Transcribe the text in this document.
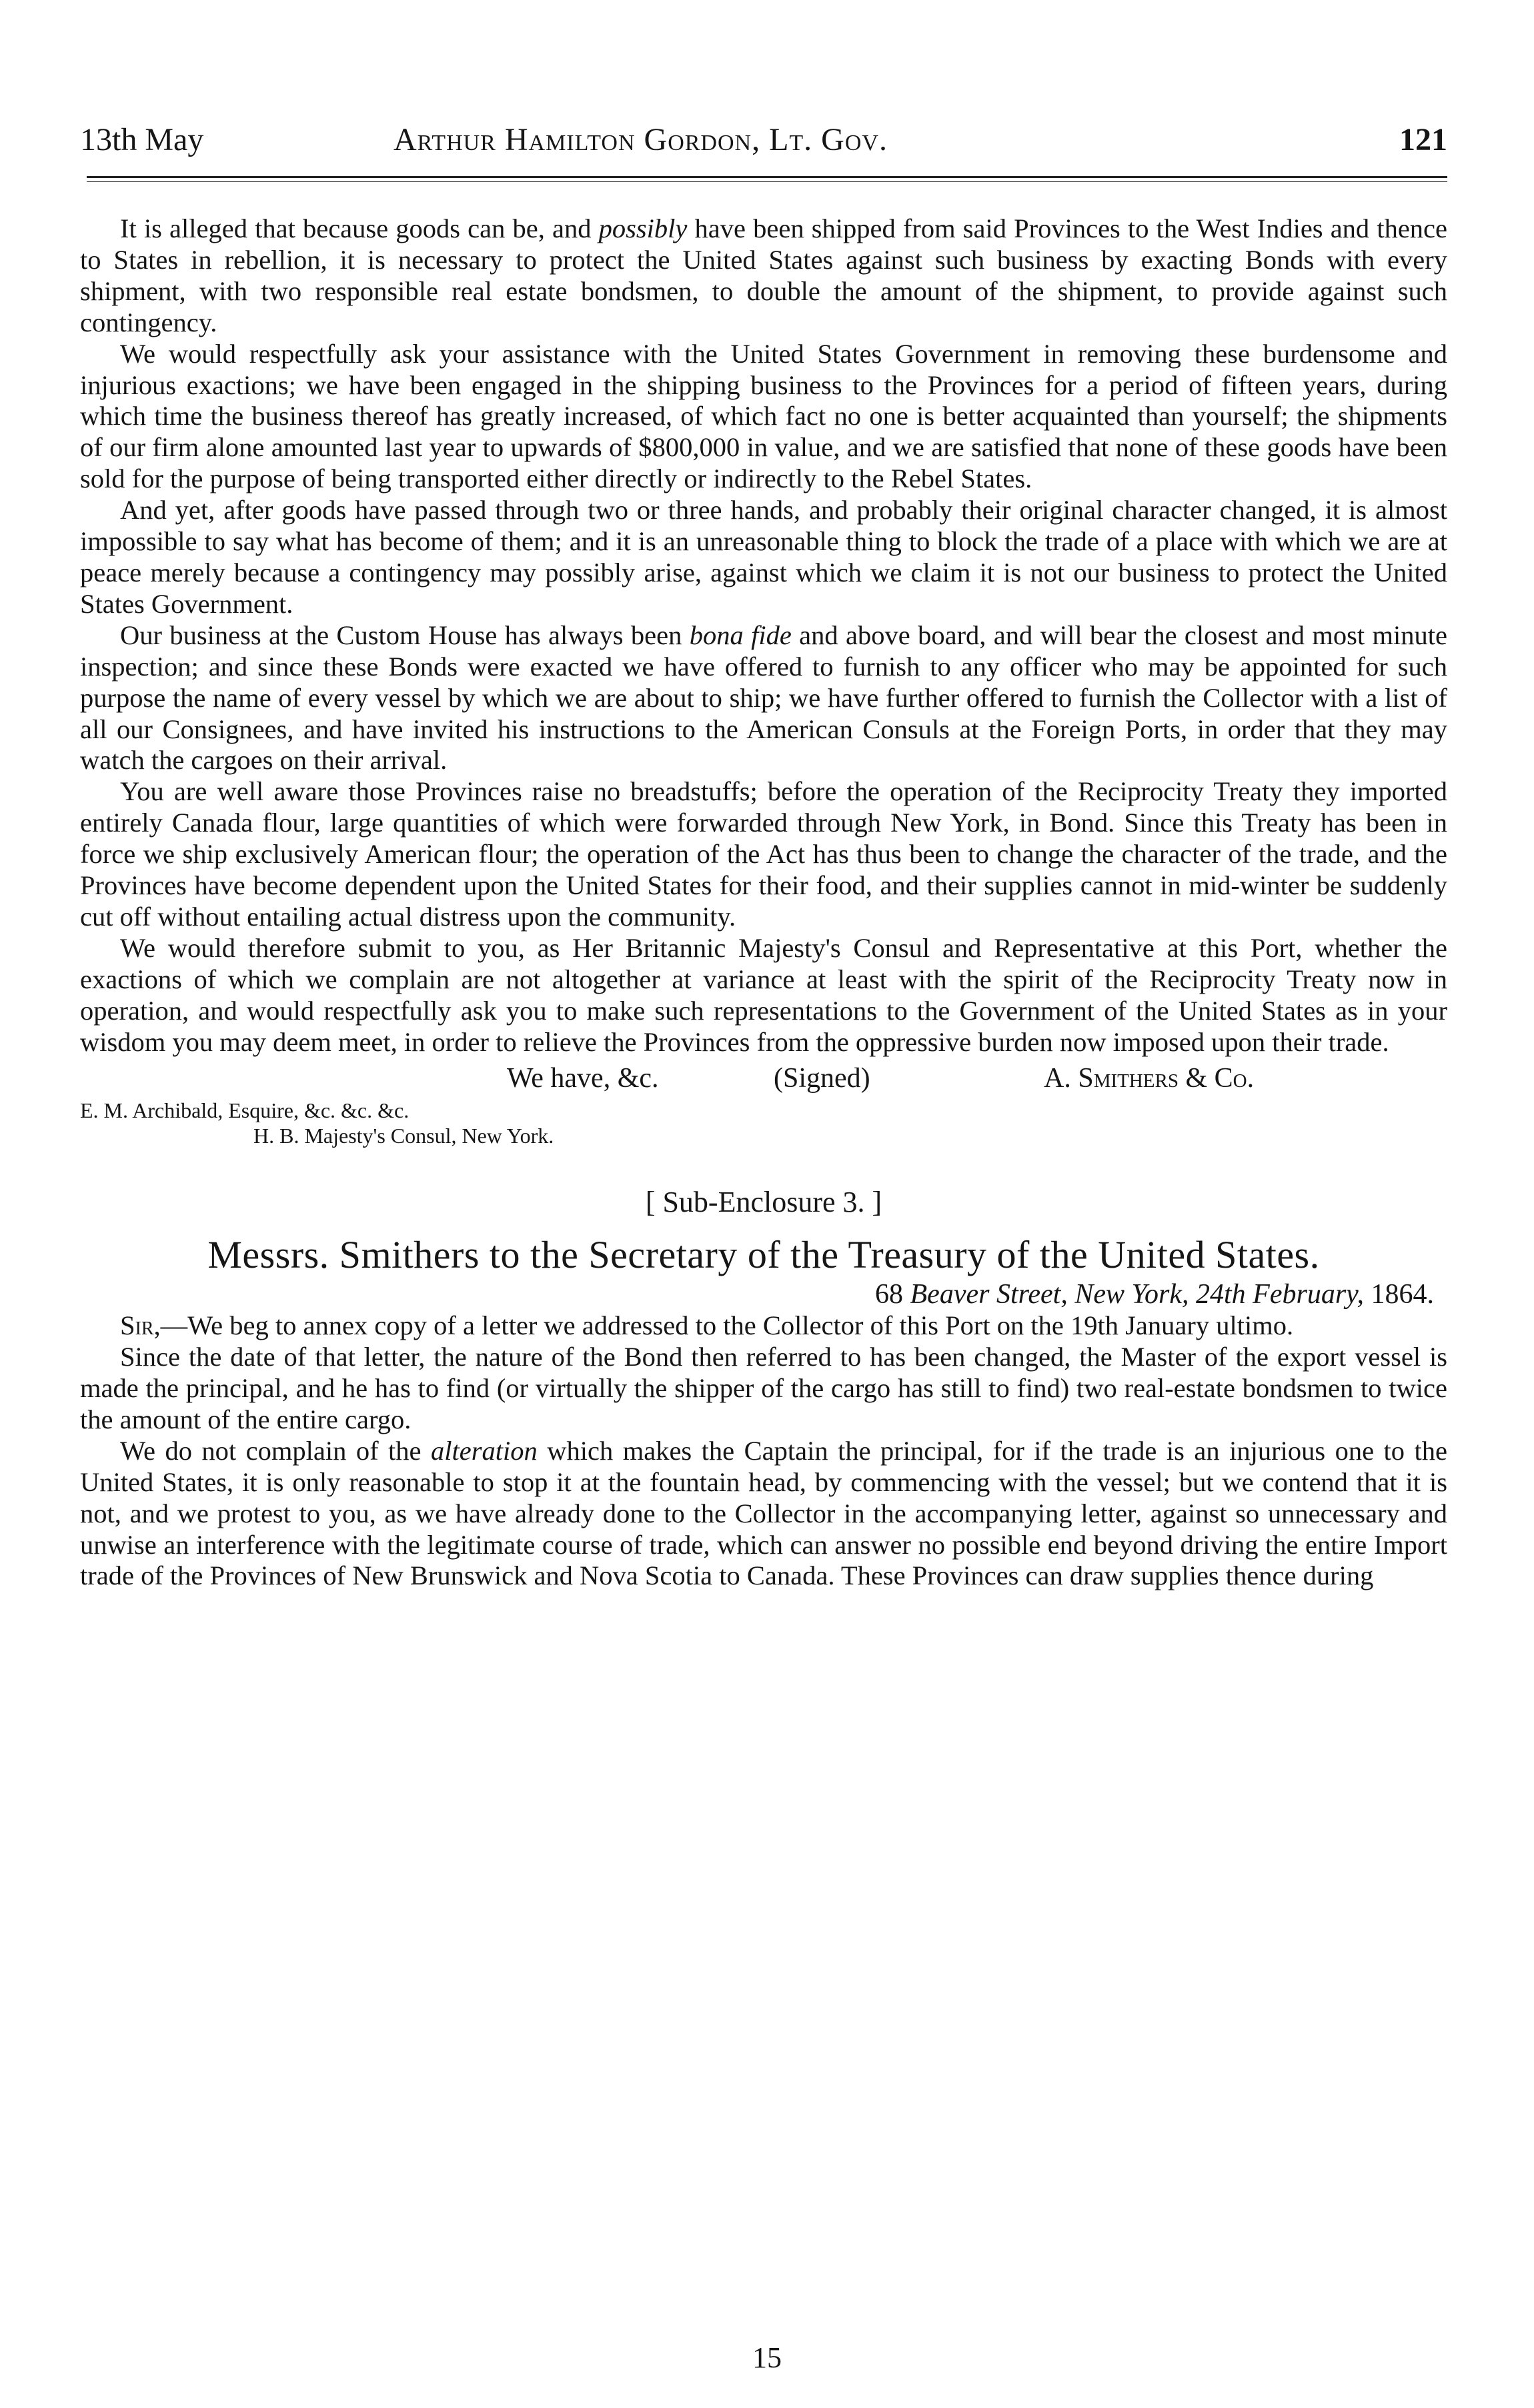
13th May	Arthur Hamilton Gordon, Lt. Gov.	121

It is alleged that because goods can be, and possibly have been shipped from said Provinces to the West Indies and thence to States in rebellion, it is necessary to protect the United States against such business by exacting Bonds with every shipment, with two responsible real estate bondsmen, to double the amount of the shipment, to provide against such contingency.

We would respectfully ask your assistance with the United States Government in removing these burdensome and injurious exactions; we have been engaged in the shipping business to the Provinces for a period of fifteen years, during which time the business thereof has greatly increased, of which fact no one is better acquainted than yourself; the shipments of our firm alone amounted last year to upwards of $800,000 in value, and we are satisfied that none of these goods have been sold for the purpose of being transported either directly or indirectly to the Rebel States.

And yet, after goods have passed through two or three hands, and probably their original character changed, it is almost impossible to say what has become of them; and it is an unreasonable thing to block the trade of a place with which we are at peace merely because a contingency may possibly arise, against which we claim it is not our business to protect the United States Government.

Our business at the Custom House has always been bona fide and above board, and will bear the closest and most minute inspection; and since these Bonds were exacted we have offered to furnish to any officer who may be appointed for such purpose the name of every vessel by which we are about to ship; we have further offered to furnish the Collector with a list of all our Consignees, and have invited his instructions to the American Consuls at the Foreign Ports, in order that they may watch the cargoes on their arrival.

You are well aware those Provinces raise no breadstuffs; before the operation of the Reciprocity Treaty they imported entirely Canada flour, large quantities of which were forwarded through New York, in Bond. Since this Treaty has been in force we ship exclusively American flour; the operation of the Act has thus been to change the character of the trade, and the Provinces have become dependent upon the United States for their food, and their supplies cannot in mid-winter be suddenly cut off without entailing actual distress upon the community.

We would therefore submit to you, as Her Britannic Majesty's Consul and Representative at this Port, whether the exactions of which we complain are not altogether at variance at least with the spirit of the Reciprocity Treaty now in operation, and would respectfully ask you to make such representations to the Government of the United States as in your wisdom you may deem meet, in order to relieve the Provinces from the oppressive burden now imposed upon their trade.

We have, &c.	(Signed)	A. Smithers & Co.
E. M. Archibald, Esquire, &c. &c. &c.
H. B. Majesty's Consul, New York.
[ Sub-Enclosure 3. ]
Messrs. Smithers to the Secretary of the Treasury of the United States.
68 Beaver Street, New York, 24th February, 1864.

Sir,—We beg to annex copy of a letter we addressed to the Collector of this Port on the 19th January ultimo.

Since the date of that letter, the nature of the Bond then referred to has been changed, the Master of the export vessel is made the principal, and he has to find (or virtually the shipper of the cargo has still to find) two real-estate bondsmen to twice the amount of the entire cargo.

We do not complain of the alteration which makes the Captain the principal, for if the trade is an injurious one to the United States, it is only reasonable to stop it at the fountain head, by commencing with the vessel; but we contend that it is not, and we protest to you, as we have already done to the Collector in the accompanying letter, against so unnecessary and unwise an interference with the legitimate course of trade, which can answer no possible end beyond driving the entire Import trade of the Provinces of New Brunswick and Nova Scotia to Canada. These Provinces can draw supplies thence during

15
